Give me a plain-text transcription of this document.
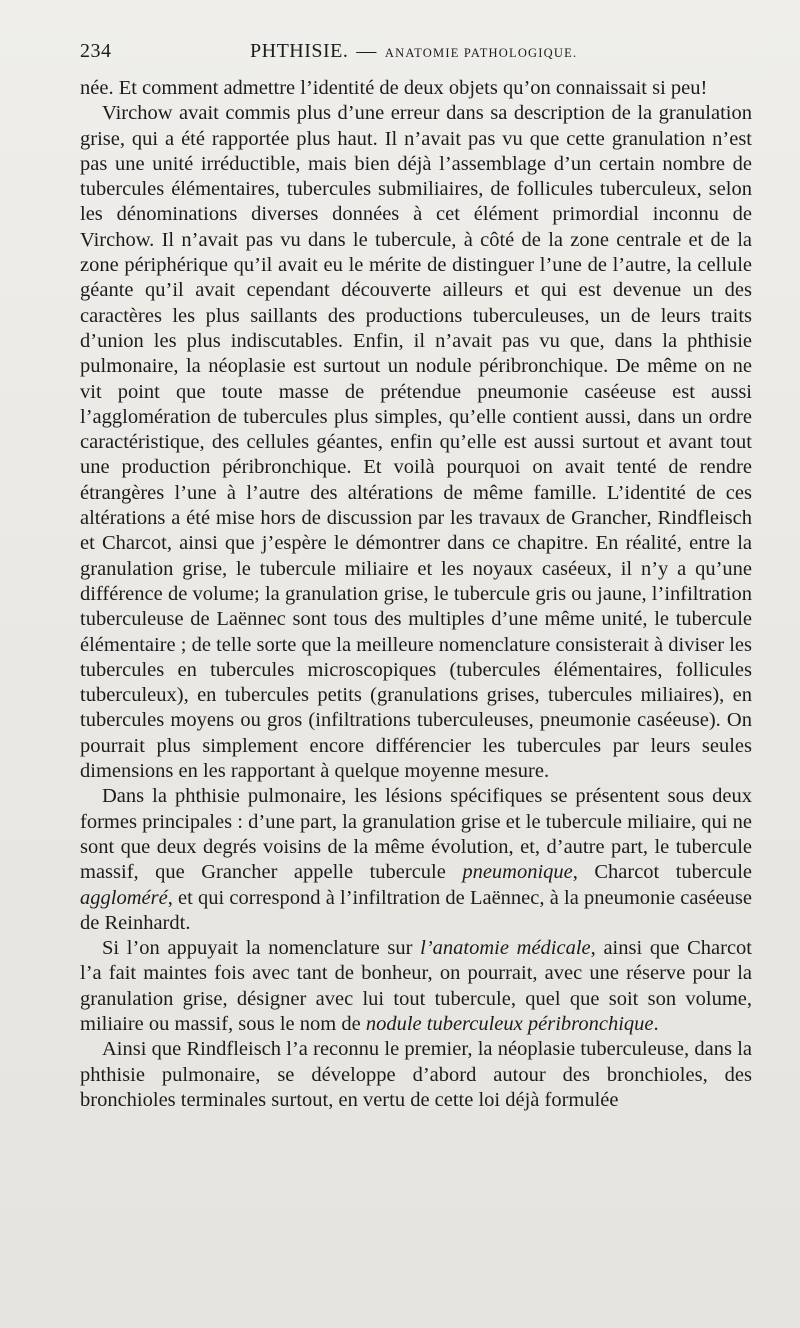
234	PHTHISIE. — ANATOMIE PATHOLOGIQUE.

née. Et comment admettre l’identité de deux objets qu’on connaissait si peu!

Virchow avait commis plus d’une erreur dans sa description de la granulation grise, qui a été rapportée plus haut. Il n’avait pas vu que cette granulation n’est pas une unité irréductible, mais bien déjà l’assemblage d’un certain nombre de tubercules élémentaires, tubercules submiliaires, de follicules tuberculeux, selon les dénominations diverses données à cet élément primordial inconnu de Virchow. Il n’avait pas vu dans le tubercule, à côté de la zone centrale et de la zone périphérique qu’il avait eu le mérite de distinguer l’une de l’autre, la cellule géante qu’il avait cependant découverte ailleurs et qui est devenue un des caractères les plus saillants des productions tuberculeuses, un de leurs traits d’union les plus indiscutables. Enfin, il n’avait pas vu que, dans la phthisie pulmonaire, la néoplasie est surtout un nodule péribronchique. De même on ne vit point que toute masse de prétendue pneumonie caséeuse est aussi l’agglomération de tubercules plus simples, qu’elle contient aussi, dans un ordre caractéristique, des cellules géantes, enfin qu’elle est aussi surtout et avant tout une production péribronchique. Et voilà pourquoi on avait tenté de rendre étrangères l’une à l’autre des altérations de même famille. L’identité de ces altérations a été mise hors de discussion par les travaux de Grancher, Rindfleisch et Charcot, ainsi que j’espère le démontrer dans ce chapitre. En réalité, entre la granulation grise, le tubercule miliaire et les noyaux caséeux, il n’y a qu’une différence de volume; la granulation grise, le tubercule gris ou jaune, l’infiltration tuberculeuse de Laënnec sont tous des multiples d’une même unité, le tubercule élémentaire ; de telle sorte que la meilleure nomenclature consisterait à diviser les tubercules en tubercules microscopiques (tubercules élémentaires, follicules tuberculeux), en tubercules petits (granulations grises, tubercules miliaires), en tubercules moyens ou gros (infiltrations tuberculeuses, pneumonie caséeuse). On pourrait plus simplement encore différencier les tubercules par leurs seules dimensions en les rapportant à quelque moyenne mesure.

Dans la phthisie pulmonaire, les lésions spécifiques se présentent sous deux formes principales : d’une part, la granulation grise et le tubercule miliaire, qui ne sont que deux degrés voisins de la même évolution, et, d’autre part, le tubercule massif, que Grancher appelle tubercule pneumonique, Charcot tubercule aggloméré, et qui correspond à l’infiltration de Laënnec, à la pneumonie caséeuse de Reinhardt.

Si l’on appuyait la nomenclature sur l’anatomie médicale, ainsi que Charcot l’a fait maintes fois avec tant de bonheur, on pourrait, avec une réserve pour la granulation grise, désigner avec lui tout tubercule, quel que soit son volume, miliaire ou massif, sous le nom de nodule tuberculeux péribronchique.

Ainsi que Rindfleisch l’a reconnu le premier, la néoplasie tuberculeuse, dans la phthisie pulmonaire, se développe d’abord autour des bronchioles, des bronchioles terminales surtout, en vertu de cette loi déjà formulée
